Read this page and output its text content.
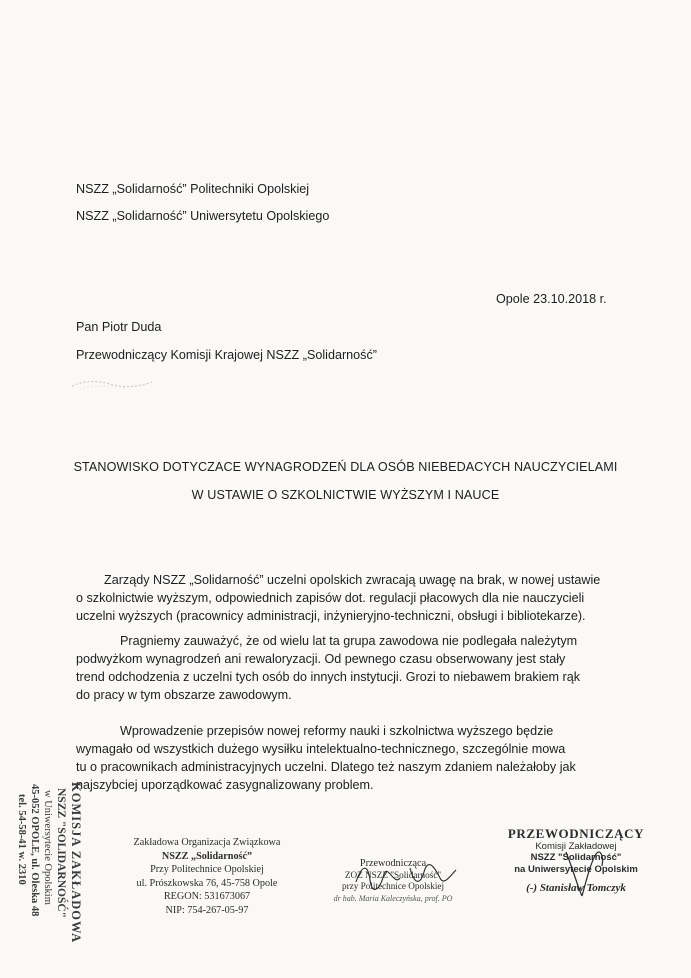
NSZZ „Solidarność” Politechniki Opolskiej
NSZZ „Solidarność” Uniwersytetu Opolskiego
Opole 23.10.2018 r.
Pan Piotr Duda
Przewodniczący Komisji Krajowej NSZZ „Solidarność”
STANOWISKO DOTYCZACE WYNAGRODZEŃ DLA OSÓB NIEBEDACYCH NAUCZYCIELAMI
W USTAWIE O SZKOLNICTWIE WYŻSZYM I NAUCE
Zarządy NSZZ „Solidarność” uczelni opolskich zwracają uwagę na brak, w nowej ustawie
o szkolnictwie wyższym, odpowiednich zapisów dot. regulacji płacowych dla nie nauczycieli
uczelni wyższych (pracownicy administracji, inżynieryjno-techniczni, obsługi i bibliotekarze).
Pragniemy zauważyć, że od wielu lat ta grupa zawodowa nie podlegała należytym
podwyżkom wynagrodzeń ani rewaloryzacji. Od pewnego czasu obserwowany jest stały
trend odchodzenia z uczelni tych osób do innych instytucji. Grozi to niebawem brakiem rąk
do pracy w tym obszarze zawodowym.
Wprowadzenie przepisów nowej reformy nauki i szkolnictwa wyższego będzie
wymagało od wszystkich dużego wysiłku intelektualno-technicznego, szczególnie mowa
tu o pracownikach administracyjnych uczelni. Dlatego też naszym zdaniem należałoby jak
najszybciej uporządkować zasygnalizowany problem.
KOMISJA ZAKŁADOWA
NSZZ "SOLIDARNOŚĆ"
w Uniwersytecie Opolskim
45-052 OPOLE, ul. Oleska 48
tel. 54-58-41 w. 2310	Zakładowa Organizacja Związkowa
NSZZ „Solidarność”
Przy Politechnice Opolskiej
ul. Prószkowska 76, 45-758 Opole
REGON: 531673067
NIP: 754-267-05-97
Przewodnicząca
ZOZ NSZZ "Solidarność"
przy Politechnice Opolskiej
dr hab. Maria Kaleczyńska, prof. PO
PRZEWODNICZĄCY
Komisji Zakładowej
NSZZ "Solidarność"
na Uniwersytecie Opolskim
(-) Stanisław Tomczyk
